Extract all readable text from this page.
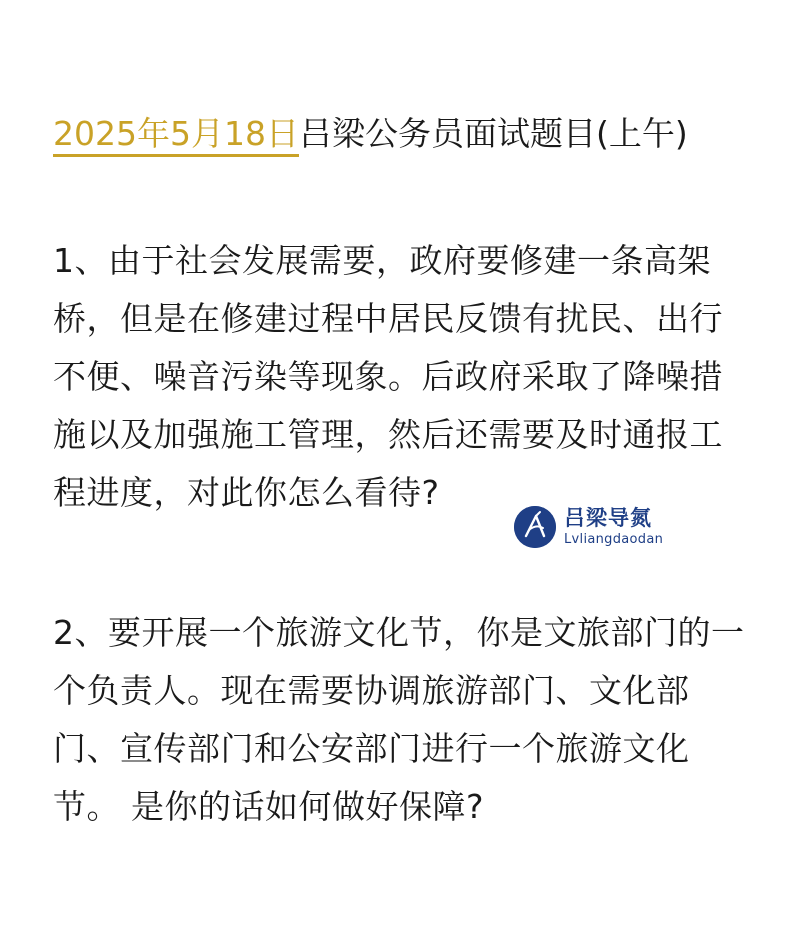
2025年5月18日吕梁公务员面试题目(上午)
1、由于社会发展需要，政府要修建一条高架桥，但是在修建过程中居民反馈有扰民、出行不便、噪音污染等现象。后政府采取了降噪措施以及加强施工管理，然后还需要及时通报工程进度，对此你怎么看待?
吕梁导氮
Lvliangdaodan
2、要开展一个旅游文化节，你是文旅部门的一个负责人。现在需要协调旅游部门、文化部门、宣传部门和公安部门进行一个旅游文化节。 是你的话如何做好保障?
